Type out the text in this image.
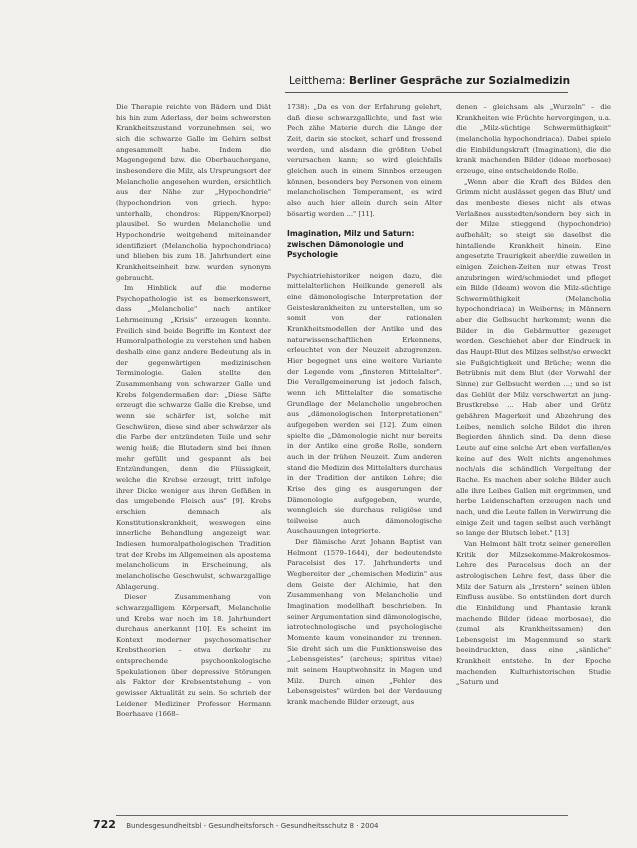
Leitthema: Berliner Gespräche zur Sozialmedizin

Die Therapie reichte von Bädern und Diät bis hin zum Aderlass, der beim schwersten Krankheitszustand vorzunehmen sei, wo sich die schwarze Galle im Gehirn selbst angesammelt habe. Indem die Magengegend bzw. die Oberbauchorgane, insbesondere die Milz, als Ursprungsort der Melancholie angesehen wurden, ersichtlich aus der Nähe zur „Hypochondrie" (hypochondrion von griech. hypo: unterhalb, chondros: Rippen/Knorpel) plausibel. So wurden Melancholie und Hypochondrie weitgehend miteinander identifiziert (Melancholia hypochondriaca) und blieben bis zum 18. Jahrhundert eine Krankheitseinheit bzw. wurden synonym gebraucht.

Im Hinblick auf die moderne Psychopathologie ist es bemerkenswert, dass „Melancholie" nach antiker Lehrmeinung „Krisis" erzeugen konnte. Freilich sind beide Begriffe im Kontext der Humoralpathologie zu verstehen und haben deshalb eine ganz andere Bedeutung als in der gegenwärtigen medizinischen Terminologie. Galen stellte den Zusammenhang von schwarzer Galle und Krebs folgendermaßen dar: „Diese Säfte erzeugt die schwarze Galle die Krebse, und wenn sie schärfer ist, solche mit Geschwüren, diese sind aber schwärzer als die Farbe der entzündeten Teile und sehr wenig heiß; die Blutadern sind bei ihnen mehr gefüllt und gespannt als bei Entzündungen, denn die Flüssigkeit, welche die Krebse erzeugt, tritt infolge ihrer Dicke weniger aus ihren Gefäßen in das umgebende Fleisch aus" [9]. Krebs erschien demnach als Konstitutionskrankheit, weswegen eine innerliche Behandlung angezeigt war. Indiesen humoralpathologischen Tradition trat der Krebs im Allgemeinen als apostema melancholicum in Erscheinung, als melancholische Geschwulst, schwarzgallige Ablagerung.

Dieser Zusammenhang von schwarzgalligem Körpersaft, Melancholie und Krebs war noch im 18. Jahrhundert durchaus anerkannt [10]. Es scheint im Kontext moderner psychosomatischer Krebstheorien – etwa derkehr zu entsprechende psychoonkologische Spekulationen über depressive Störungen als Faktor der Krebsentstehung – von gewisser Aktualität zu sein. So schrieb der Leidener Mediziner Professor Hermann Boerhaave (1668–

1738): „Da es von der Erfahrung gelehrt, daß diese schwarzgallichte, und fast wie Pech zähe Materie durch die Länge der Zeit, darin sie stocket, scharf und fressend werden, und alsdann die größten Uebel verursachen kann; so wird gleichfalls gleichen auch in einem Sinnbos erzeugen können, besonders bey Personen von einem melancholischen Temperament, es wird also auch hier allein durch sein Alter bösartig werden ..." [11].

Imagination, Milz und Saturn: zwischen Dämonologie und Psychologie

Psychiatriehistoriker neigen dazu, die mittelalterlichen Heilkunde generell als eine dämonologische Interpretation der Geisteskrankheiten zu unterstellen, um so somit von der rationalen Krankheitsmodellen der Antike und des naturwissenschaftlichen Erkennens, erleuchtet von der Neuzeit abzugrenzen. Hier begegnet uns eine weitere Variante der Legende vom „finsteren Mittelalter". Die Verallgemeinerung ist jedoch falsch, wenn ich Mittelalter die somatische Grundlage der Melancholie ungebrochen aus „dämonologischen Interpretationen" aufgegeben werden sei [12]. Zum einen spielte die „Dämonologie nicht nur bereits in der Antike eine große Rolle, sondern auch in der frühen Neuzeit. Zum anderen stand die Medizin des Mittelalters durchaus in der Tradition der antiken Lehre; die Krise des ging es ausgerungen der Dämonologie aufgegeben, wurde, wenngleich sie durchaus religiöse und teilweise auch dämonologische Auschauungen integrierte.

Der flämische Arzt Johann Baptist van Helmont (1579–1644), der bedeutendste Paracelsist des 17. Jahrhunderts und Wegbereiter der „chemischen Medizin" aus dem Geiste der Alchimie, hat den Zusammenhang von Melancholie und Imagination modellhaft beschrieben. In seiner Argumentation sind dämonologische, iatrotechnologische und psychologische Momente kaum voneinander zu trennen. Sie dreht sich um die Funktionsweise des „Lebensgeistes" (archeus; spiritus vitae) mit seinem Hauptwohnsitz in Magen und Milz. Durch einen „Fehler des Lebensgeistes" würden bei der Verdauung krank machende Bilder erzeugt, aus

denen – gleichsam als „Wurzeln" – die Krankheiten wie Früchte hervorgingen, u.a. die „Milz-süchtige Schwermüthigkeit" (melancholia hypochondriaca). Dabei spiele die Einbildungskraft (Imagination), die die krank machenden Bilder (ideae morbosae) erzeuge, eine entscheidende Rolle.

„Wenn aber die Kraft des Bildes den Grimm nicht auslässet gegen das Blut/ und das menbeste dieses nicht als etwas Verlaßnes ausstedten/sondern bey sich in der Milze stieggend (hypochondrio) aufbehält; so steigt sie daselbst die hintallende Krankheit hinein. Eine angesetzte Traurigkeit aber/die zuweilen in einigen Zeichen-Zeiten nur etwas Trost anzubringen wird/schmiedet und pfleget ein Bilde (Ideam) wovon die Milz-süchtige Schwermüthigkeit (Melancholia hypochondriaca) in Weiberns; in Männern aber die Gelbsucht herkommt; wenn die Bilder in die Gebärmutter gezeuget worden. Geschiehet aber der Eindruck in das Haupt-Blut des Milzes selbst/so erweckt sie Fußgichtigkeit und Brüche; wenn die Betrübnis mit dem Blut (der Vorwahl der Sinne) zur Gelbsucht werden ...; und so ist das Geblüt der Milz verschwertzt an jung-Brustkrebse ... Hab aber und Grütz gebähren Magerkeit und Abzehrung des Leibes, nemlich solche Bildet die ihren Begierden ähnlich sind. Da denn diese Leute auf eine solche Art eben verfallen/es keine auf des Welt nichts angenehmes noch/als die schändlich Vergeltung der Rache. Es machen aber solche Bilder auch alle ihre Leibes Gallen mit ergrimmen, und herbe Leidenschaften erzeugen nach und nach, und die Leute fallen in Verwirrung die einige Zeit und tagen selbst auch verhängt so lange der Blutsch lebet." [13]

Van Helmont hält trotz seiner generellen Kritik der Milzsekomme-Makrokosmos-Lehre des Paracelsus doch an der astrologischen Lehre fest, dass über die Milz der Saturn als „Irrstern" seinen üblen Einfluss ausübe. So entstünden dort durch die Einbildung und Phantasie krank machende Bilder (ideae morbosae), die (zumal als Krankheitssamen) den Lebensgeist im Magenmund so stark beeindruckten, dass eine „sänliche" Krankheit entstehe. In der Epoche machenden Kulturhistorischen Studie „Saturn und

722 Bundesgesundheitsbl - Gesundheitsforsch - Gesundheitsschutz 8 · 2004
